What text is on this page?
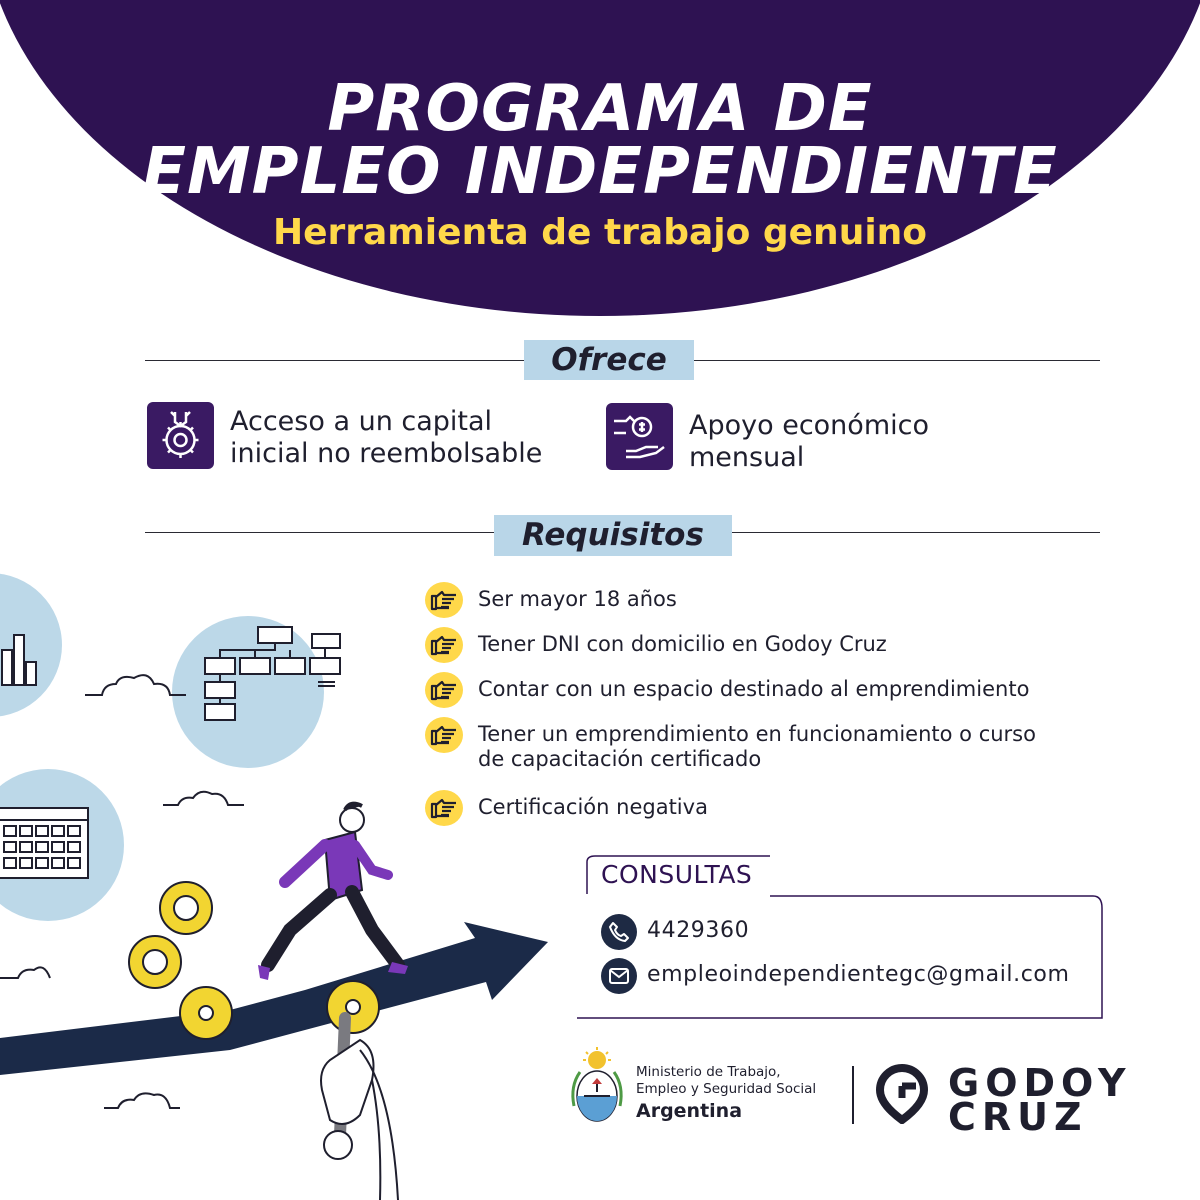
PROGRAMA DE
EMPLEO INDEPENDIENTE
Herramienta de trabajo genuino
Ofrece
Acceso a un capital
inicial no reembolsable
Apoyo económico
mensual
Requisitos
Ser mayor 18 años
Tener DNI con domicilio en Godoy Cruz
Contar con un espacio destinado al emprendimiento
Tener un emprendimiento en funcionamiento o curso
de capacitación certificado
Certificación negativa
CONSULTAS
4429360
empleoindependientegc@gmail.com
Ministerio de Trabajo,
Empleo y Seguridad Social
Argentina
GODOY
CRUZ
